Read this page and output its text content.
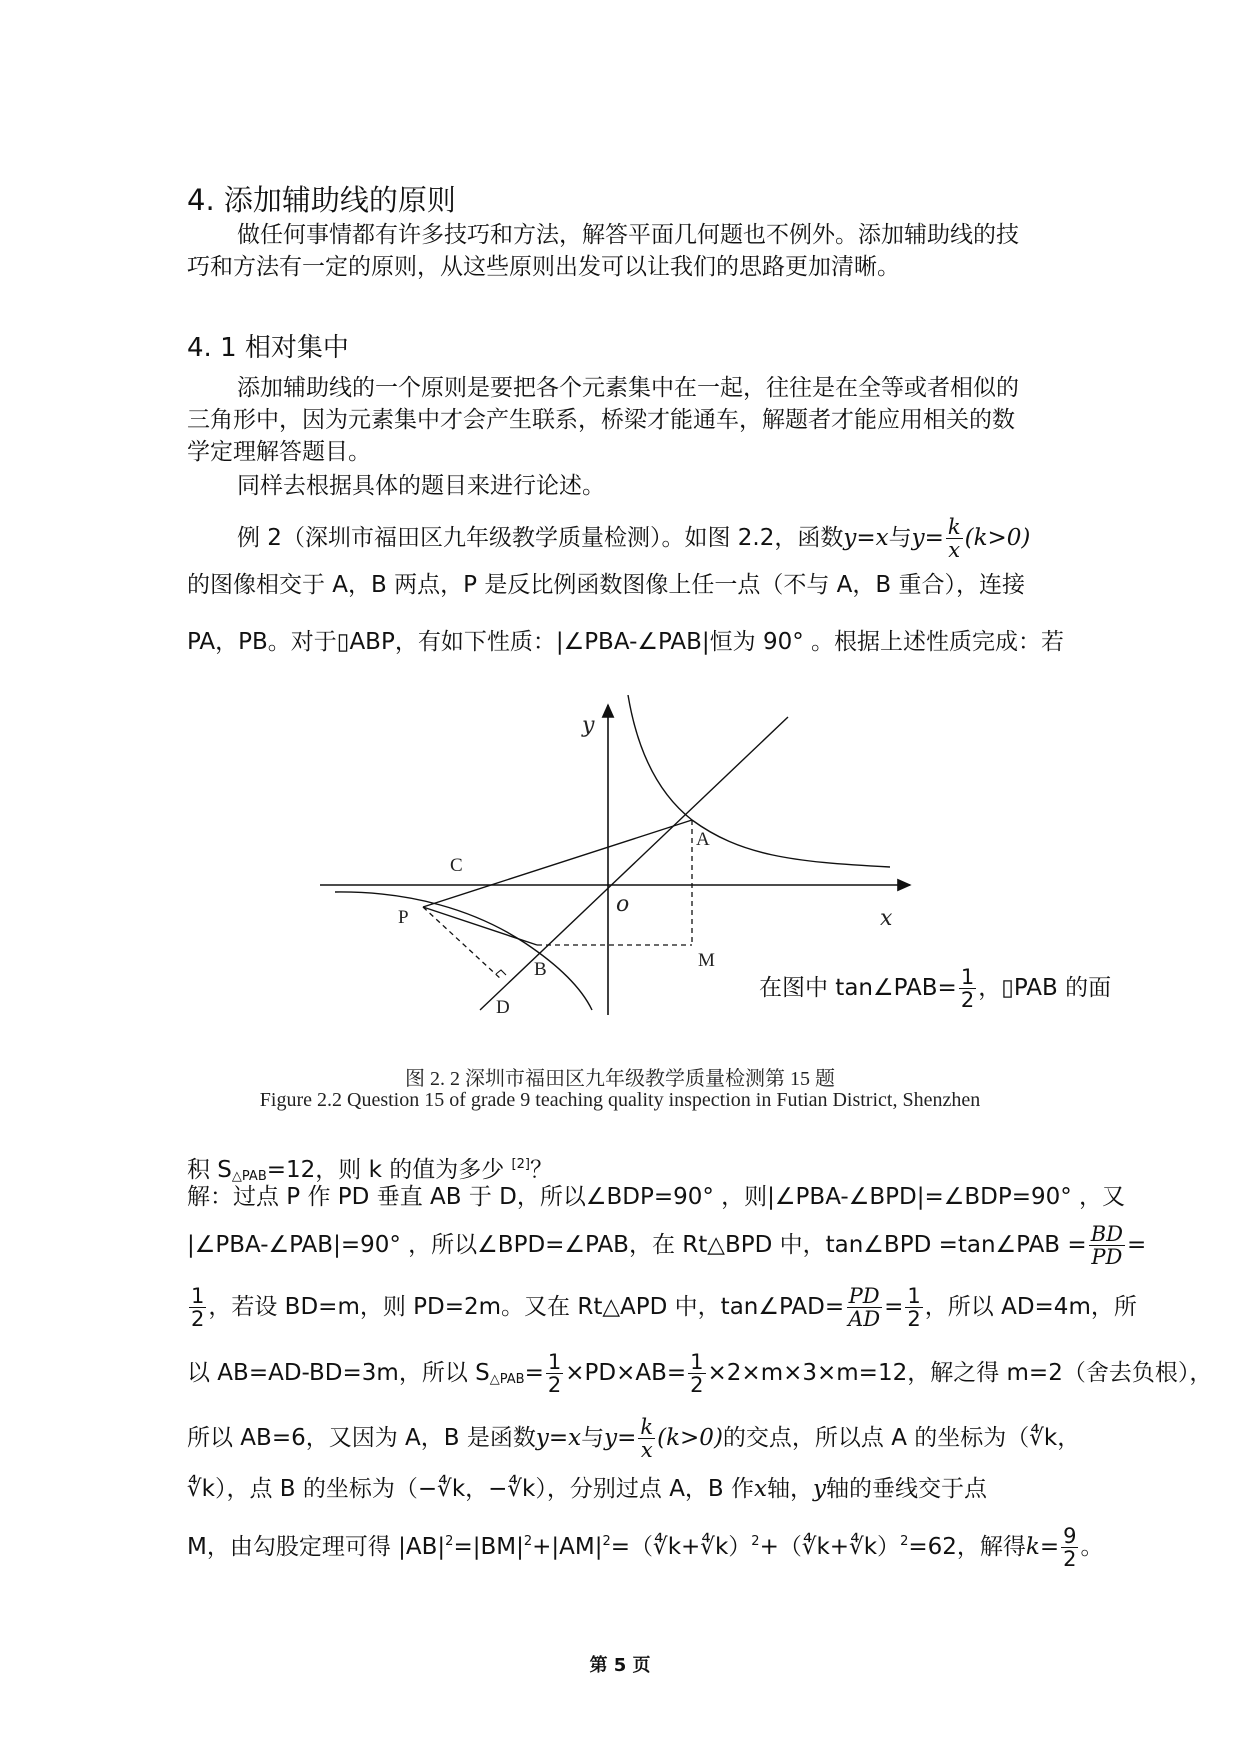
4. 添加辅助线的原则
做任何事情都有许多技巧和方法，解答平面几何题也不例外。添加辅助线的技
巧和方法有一定的原则，从这些原则出发可以让我们的思路更加清晰。
4. 1 相对集中
添加辅助线的一个原则是要把各个元素集中在一起，往往是在全等或者相似的
三角形中，因为元素集中才会产生联系，桥梁才能通车，解题者才能应用相关的数
学定理解答题目。
同样去根据具体的题目来进行论述。
例 2（深圳市福田区九年级教学质量检测）。如图 2.2，函数y=x与$y= \frac{k}{x} (k>0)$
的图像相交于 A，B 两点，P 是反比例函数图像上任一点（不与 A，B 重合），连接
PA，PB。对于▯ABP，有如下性质：|∠PBA-∠PAB|恒为 90° 。根据上述性质完成：若
y
x
o
A
B
C
P
D
M
在图中 tan∠PAB= $\frac{1}{2}$ ，▯PAB 的面
图 2. 2 深圳市福田区九年级教学质量检测第 15 题
Figure 2.2 Question 15 of grade 9 teaching quality inspection in Futian District, Shenzhen
积 $S_{\triangle PAB}=12$，则 k 的值为多少 [2]？
解：过点 P 作 PD 垂直 AB 于 D，所以∠BDP=90° ，则|∠PBA-∠BPD|=∠BDP=90° ，又
|∠PBA-∠PAB|=90° ，所以∠BPD=∠PAB，在 Rt△BPD 中，tan∠BPD =tan∠PAB = $\frac{BD}{PD}$ =
$\frac{1}{2}$ ，若设 BD=m，则 PD=2m。又在 Rt△APD 中，tan∠PAD= $\frac{PD}{AD} = \frac{1}{2}$ ，所以 AD=4m，所
以 AB=AD-BD=3m，所以 $S_{\triangle PAB}= \frac{1}{2} \times PD\times AB= \frac{1}{2} \times 2\times m\times 3\times m=12$，解之得 m=2（舍去负根），
所以 AB=6，又因为 A，B 是函数y=x与$y= \frac{k}{x} (k>0)$的交点，所以点 A 的坐标为（∜k，
∜k），点 B 的坐标为（−∜k，−∜k），分别过点 A，B 作x轴，y轴的垂线交于点
M，由勾股定理可得 $|AB|^2=|BM|^2+|AM|^2=(∜k+∜k)^2+(∜k+∜k)^2=62$，解得$k= \frac{9}{2}$ 。
第 5 页
